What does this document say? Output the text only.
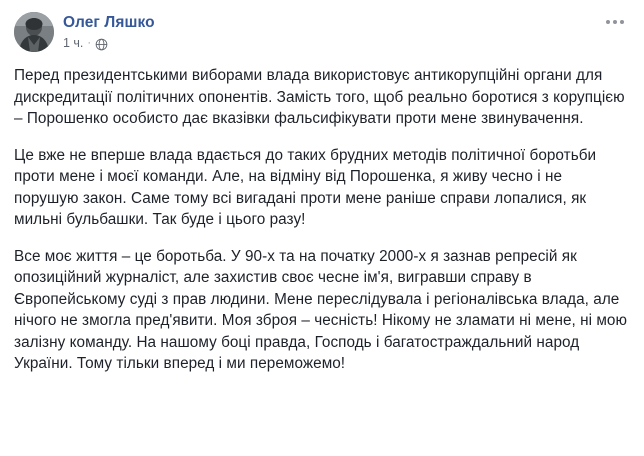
Олег Ляшко
1 ч. ·

Перед президентськими виборами влада використовує антикорупційні органи для дискредитації політичних опонентів. Замість того, щоб реально боротися з корупцією – Порошенко особисто дає вказівки фальсифікувати проти мене звинувачення.

Це вже не вперше влада вдається до таких брудних методів політичної боротьби проти мене і моєї команди. Але, на відміну від Порошенка, я живу чесно і не порушую закон. Саме тому всі вигадані проти мене раніше справи лопалися, як мильні бульбашки. Так буде і цього разу!

Все моє життя – це боротьба. У 90-х та на початку 2000-х я зазнав репресій як опозиційний журналіст, але захистив своє чесне ім'я, вигравши справу в Європейському суді з прав людини. Мене переслідувала і регіоналівська влада, але нічого не змогла пред'явити. Моя зброя – чесність! Нікому не зламати ні мене, ні мою залізну команду. На нашому боці правда, Господь і багатостраждальний народ України. Тому тільки вперед і ми переможемо!
